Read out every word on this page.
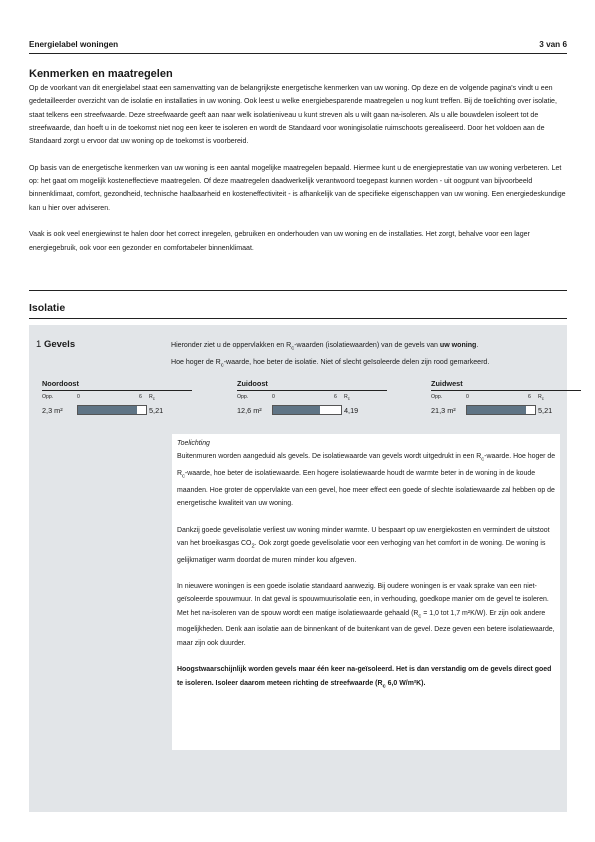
Energielabel woningen	3 van 6
Kenmerken en maatregelen

Op de voorkant van dit energielabel staat een samenvatting van de belangrijkste energetische kenmerken van uw woning. Op deze en de volgende pagina's vindt u een gedetailleerder overzicht van de isolatie en installaties in uw woning. Ook leest u welke energiebesparende maatregelen u nog kunt treffen. Bij de toelichting over isolatie, staat telkens een streefwaarde. Deze streefwaarde geeft aan naar welk isolatieniveau u kunt streven als u wilt gaan na-isoleren. Als u alle bouwdelen isoleert tot de streefwaarde, dan hoeft u in de toekomst niet nog een keer te isoleren en wordt de Standaard voor woningisolatie ruimschoots gerealiseerd. Door het voldoen aan de Standaard zorgt u ervoor dat uw woning op de toekomst is voorbereid.

Op basis van de energetische kenmerken van uw woning is een aantal mogelijke maatregelen bepaald. Hiermee kunt u de energieprestatie van uw woning verbeteren. Let op: het gaat om mogelijk kosteneffectieve maatregelen. Of deze maatregelen daadwerkelijk verantwoord toegepast kunnen worden - uit oogpunt van bijvoorbeeld binnenklimaat, comfort, gezondheid, technische haalbaarheid en kosteneffectiviteit - is afhankelijk van de specifieke eigenschappen van uw woning. Een energiedeskundige kan u hier over adviseren.

Vaak is ook veel energiewinst te halen door het correct inregelen, gebruiken en onderhouden van uw woning en de installaties. Het zorgt, behalve voor een lager energiegebruik, ook voor een gezonder en comfortabeler binnenklimaat.

Isolatie
1 Gevels	Hieronder ziet u de oppervlakken en $R_c$-waarden (isolatiewaarden) van de gevels van uw woning.
Hoe hoger de $R_c$-waarde, hoe beter de isolatie. Niet of slecht geïsoleerde delen zijn rood gemarkeerd.
Noordoost
Opp.	0	6 $R_c$
2,3 m²	5,21
Zuidoost
Opp.	0	6 $R_c$
12,6 m²	4,19
Zuidwest
Opp.	0	6 $R_c$
21,3 m²	5,21

Toelichting

Buitenmuren worden aangeduid als gevels. De isolatiewaarde van gevels wordt uitgedrukt in een $R_c$-waarde. Hoe hoger de $R_c$-waarde, hoe beter de isolatiewaarde. Een hogere isolatiewaarde houdt de warmte beter in de woning in de koude maanden. Hoe groter de oppervlakte van een gevel, hoe meer effect een goede of slechte isolatiewaarde zal hebben op de energetische kwaliteit van uw woning.

Dankzij goede gevelisolatie verliest uw woning minder warmte. U bespaart op uw energiekosten en vermindert de uitstoot van het broeikasgas $CO_2$. Ook zorgt goede gevelisolatie voor een verhoging van het comfort in de woning. De woning is gelijkmatiger warm doordat de muren minder kou afgeven.

In nieuwere woningen is een goede isolatie standaard aanwezig. Bij oudere woningen is er vaak sprake van een niet-geïsoleerde spouwmuur. In dat geval is spouwmuurisolatie een, in verhouding, goedkope manier om de gevel te isoleren. Met het na-isoleren van de spouw wordt een matige isolatiewaarde gehaald ($R_c = 1,0$ tot 1,7 m²K/W). Er zijn ook andere mogelijkheden. Denk aan isolatie aan de binnenkant of de buitenkant van de gevel. Deze geven een betere isolatiewaarde, maar zijn ook duurder.

Hoogstwaarschijnlijk worden gevels maar één keer na-geïsoleerd. Het is dan verstandig om de gevels direct goed te isoleren. Isoleer daarom meteen richting de streefwaarde ($R_c$ 6,0 W/m²K).
